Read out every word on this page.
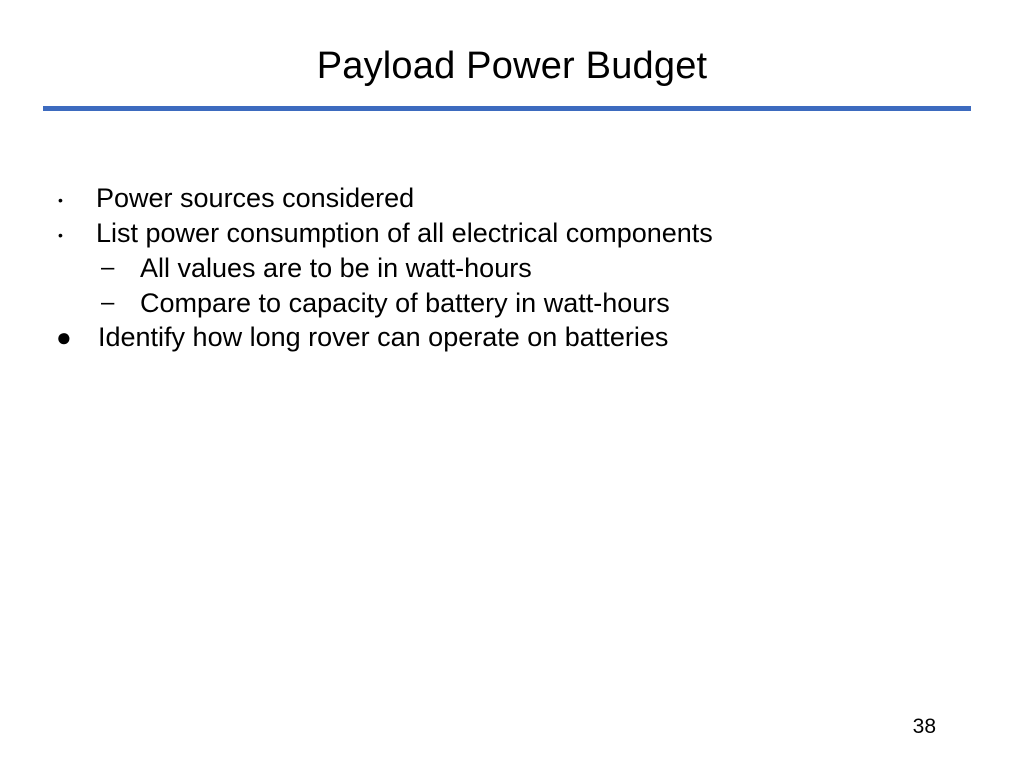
Payload Power Budget
• Power sources considered
• List power consumption of all electrical components
– All values are to be in watt-hours
– Compare to capacity of battery in watt-hours
● Identify how long rover can operate on batteries
38
